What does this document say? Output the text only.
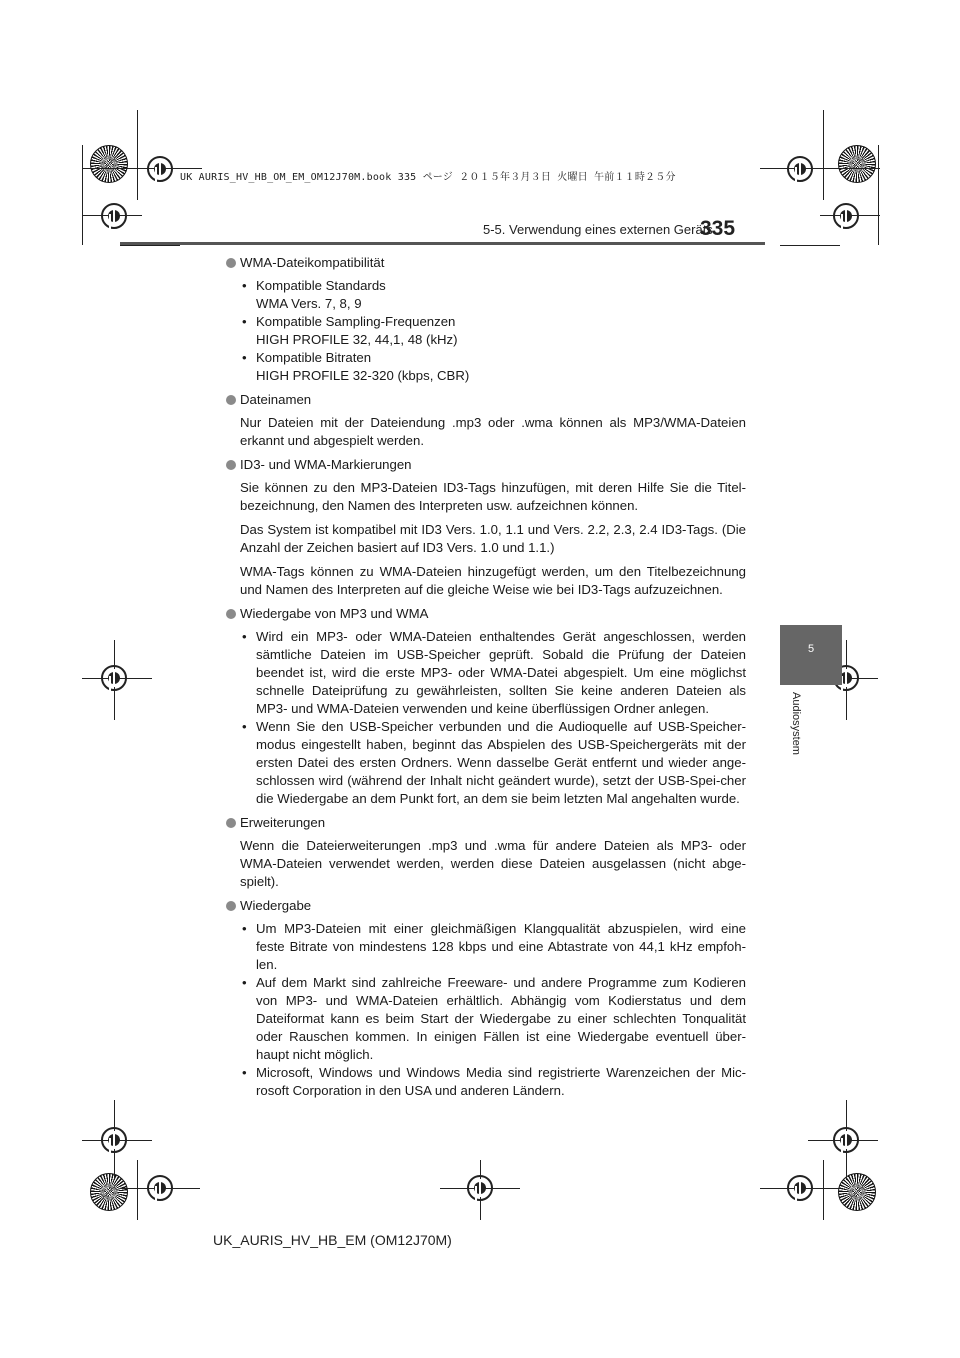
UK AURIS_HV_HB_OM_EM_OM12J70M.book 335 ページ ２０１５年３月３日 火曜日 午前１１時２５分
5-5. Verwendung eines externen Geräts
335
5
Audiosystem
WMA-Dateikompatibilität
• Kompatible Standards
WMA Vers. 7, 8, 9
• Kompatible Sampling-Frequenzen
HIGH PROFILE 32, 44,1, 48 (kHz)
• Kompatible Bitraten
HIGH PROFILE 32-320 (kbps, CBR)
Dateinamen

Nur Dateien mit der Dateiendung .mp3 oder .wma können als MP3/WMA-Dateien erkannt und abgespielt werden.

ID3- und WMA-Markierungen

Sie können zu den MP3-Dateien ID3-Tags hinzufügen, mit deren Hilfe Sie die Titel-bezeichnung, den Namen des Interpreten usw. aufzeichnen können.

Das System ist kompatibel mit ID3 Vers. 1.0, 1.1 und Vers. 2.2, 2.3, 2.4 ID3-Tags. (Die Anzahl der Zeichen basiert auf ID3 Vers. 1.0 und 1.1.)

WMA-Tags können zu WMA-Dateien hinzugefügt werden, um den Titelbezeichnung und Namen des Interpreten auf die gleiche Weise wie bei ID3-Tags aufzuzeichnen.

Wiedergabe von MP3 und WMA
• Wird ein MP3- oder WMA-Dateien enthaltendes Gerät angeschlossen, werden sämtliche Dateien im USB-Speicher geprüft. Sobald die Prüfung der Dateien beendet ist, wird die erste MP3- oder WMA-Datei abgespielt. Um eine möglichst schnelle Dateiprüfung zu gewährleisten, sollten Sie keine anderen Dateien als MP3- und WMA-Dateien verwenden und keine überflüssigen Ordner anlegen.
• Wenn Sie den USB-Speicher verbunden und die Audioquelle auf USB-Speicher-modus eingestellt haben, beginnt das Abspielen des USB-Speichergeräts mit der ersten Datei des ersten Ordners. Wenn dasselbe Gerät entfernt und wieder ange-schlossen wird (während der Inhalt nicht geändert wurde), setzt der USB-Spei-cher die Wiedergabe an dem Punkt fort, an dem sie beim letzten Mal angehalten wurde.
Erweiterungen

Wenn die Dateierweiterungen .mp3 und .wma für andere Dateien als MP3- oder WMA-Dateien verwendet werden, werden diese Dateien ausgelassen (nicht abge-spielt).

Wiedergabe
• Um MP3-Dateien mit einer gleichmäßigen Klangqualität abzuspielen, wird eine feste Bitrate von mindestens 128 kbps und eine Abtastrate von 44,1 kHz empfoh-len.
• Auf dem Markt sind zahlreiche Freeware- und andere Programme zum Kodieren von MP3- und WMA-Dateien erhältlich. Abhängig vom Kodierstatus und dem Dateiformat kann es beim Start der Wiedergabe zu einer schlechten Tonqualität oder Rauschen kommen. In einigen Fällen ist eine Wiedergabe eventuell über-haupt nicht möglich.
• Microsoft, Windows und Windows Media sind registrierte Warenzeichen der Mic-rosoft Corporation in den USA und anderen Ländern.
UK_AURIS_HV_HB_EM (OM12J70M)
